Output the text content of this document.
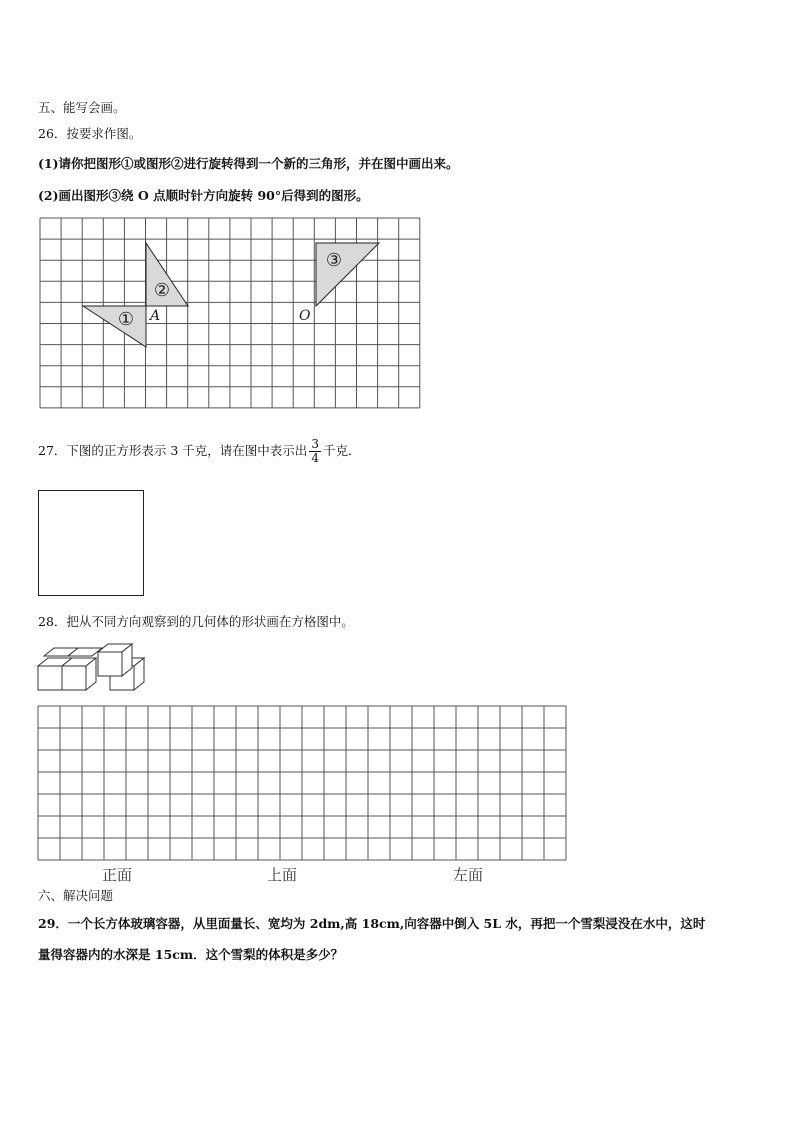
五、能写会画。
26．按要求作图。
(1)请你把图形①或图形②进行旋转得到一个新的三角形，并在图中画出来。
(2)画出图形③绕 O 点顺时针方向旋转 90°后得到的图形。
①
②
③
A	O
27．下图的正方形表示 3 千克，请在图中表示出 $\frac{3}{4}$ 千克．
28．把从不同方向观察到的几何体的形状画在方格图中。
正面	上面	左面
六、解决问题
29．一个长方体玻璃容器，从里面量长、宽均为 2dm,高 18cm,向容器中倒入 5L 水，再把一个雪梨浸没在水中，这时
量得容器内的水深是 15cm．这个雪梨的体积是多少？
